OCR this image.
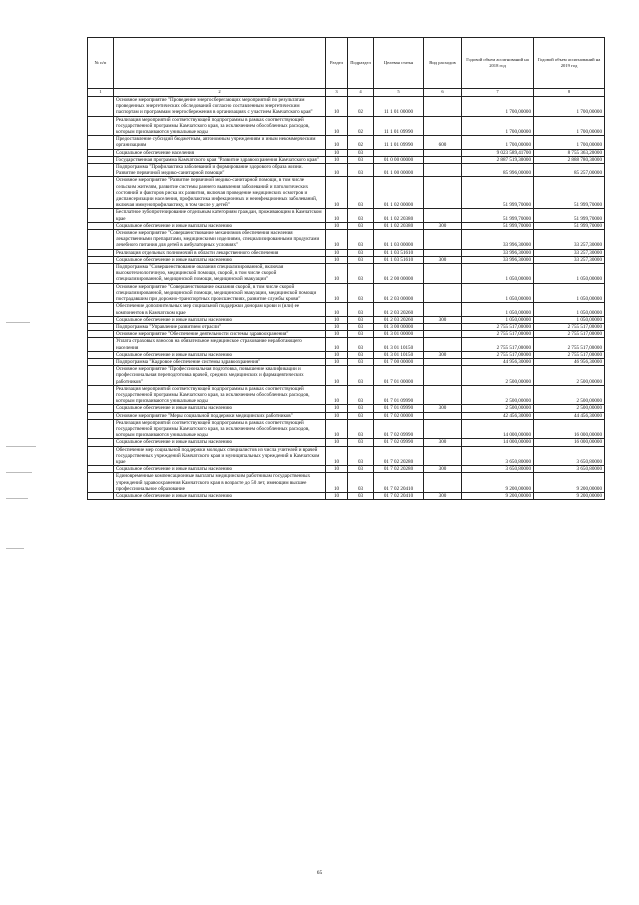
№ п/п		Раздел	Подраздел	Целевая статья	Вид расходов	Годовой объем ассигнований на 2018 год	Годовой объем ассигнований на 2019 год
1	2	3	4	5	6	7	8
	Основное мероприятие "Проведение энергосберегающих мероприятий по результатам проведенных энергетических обследований согласно составленным энергетическим паспортам и программам энергосбережения в организациях с участием Камчатского края"	10	02	11 1 01 00000		1 700,00000	1 700,00000
	Реализация мероприятий соответствующей подпрограммы в рамках соответствующей государственной программы Камчатского края, за исключением обособленных расходов, которым присваиваются уникальные коды	10	02	11 1 01 09990		1 700,00000	1 700,00000
	Предоставление субсидий бюджетным, автономным учреждениям и иным некоммерческим организациям	10	02	11 1 01 09990	600	1 700,00000	1 700,00000
	Социальное обеспечение населения	10	03			9 023 589,41700	8 755 363,20000
	Государственная программа Камчатского края "Развитие здравоохранения Камчатского края"	10	03	01 0 00 00000		2 887 519,30000	2 888 780,30000
	Подпрограмма "Профилактика заболеваний и формирование здорового образа жизни. Развитие первичной медико-санитарной помощи"	10	03	01 1 00 00000		85 996,00000	85 257,00000
	Основное мероприятие "Развитие первичной медико-санитарной помощи, в том числе сельским жителям, развитие системы раннего выявления заболеваний и патологических состояний и факторов риска их развития, включая проведение медицинских осмотров и диспансеризации населения, профилактика инфекционных и неинфекционных заболеваний, включая иммунопрофилактику, в том числе у детей"	10	03	01 1 02 00000		51 999,70000	51 999,70000
	Бесплатное зубопротезирование отдельным категориям граждан, проживающим в Камчатском крае	10	03	01 1 02 20380		51 999,70000	51 999,70000
	Социальное обеспечение и иные выплаты населению	10	03	01 1 02 20380	300	51 999,70000	51 999,70000
	Основное мероприятие "Совершенствование механизмов обеспечения населения лекарственными препаратами, медицинскими изделиями, специализированными продуктами лечебного питания для детей в амбулаторных условиях"	10	03	01 1 03 00000		33 996,30000	33 257,30000
	Реализация отдельных полномочий в области лекарственного обеспечения	10	03	01 1 03 51610		33 996,30000	33 257,30000
	Социальное обеспечение и иные выплаты населению	10	03	01 1 03 51610	300	33 996,30000	33 257,30000
	Подпрограмма "Совершенствование оказания специализированной, включая высокотехнологичную, медицинской помощи, скорой, в том числе скорой специализированной, медицинской помощи, медицинской эвакуации"	10	03	01 2 00 00000		1 050,00000	1 050,00000
	Основное мероприятие "Совершенствование оказания скорой, в том числе скорой специализированной, медицинской помощи, медицинской эвакуации, медицинской помощи пострадавшим при дорожно-транспортных происшествиях, развитие службы крови"	10	03	01 2 03 00000		1 050,00000	1 050,00000
	Обеспечение дополнительных мер социальной поддержки донорам крови и (или) ее компонентов в Камчатском крае	10	03	01 2 03 20260		1 050,00000	1 050,00000
	Социальное обеспечение и иные выплаты населению	10	03	01 2 03 20260	300	1 050,00000	1 050,00000
	Подпрограмма "Управление развитием отрасли"	10	03	01 3 00 00000		2 755 517,00000	2 755 517,00000
	Основное мероприятие "Обеспечение деятельности системы здравоохранения"	10	03	01 3 01 00000		2 755 517,00000	2 755 517,00000
	Уплата страховых взносов на обязательное медицинское страхование неработающего населения	10	03	01 3 01 10150		2 755 517,00000	2 755 517,00000
	Социальное обеспечение и иные выплаты населению	10	03	01 3 01 10150	300	2 755 517,00000	2 755 517,00000
	Подпрограмма "Кадровое обеспечение системы здравоохранения"	10	03	01 7 00 00000		44 956,30000	46 956,30000
	Основное мероприятие "Профессиональная подготовка, повышение квалификации и профессиональная переподготовка врачей, средних медицинских и фармацевтических работников"	10	03	01 7 01 00000		2 500,00000	2 500,00000
	Реализация мероприятий соответствующей подпрограммы в рамках соответствующей государственной программы Камчатского края, за исключением обособленных расходов, которым присваиваются уникальные коды	10	03	01 7 01 09990		2 500,00000	2 500,00000
	Социальное обеспечение и иные выплаты населению	10	03	01 7 01 09990	300	2 500,00000	2 500,00000
	Основное мероприятие "Меры социальной поддержки медицинских работников"	10	03	01 7 02 00000		42 456,30000	44 456,30000
	Реализация мероприятий соответствующей подпрограммы в рамках соответствующей государственной программы Камчатского края, за исключением обособленных расходов, которым присваиваются уникальные коды	10	03	01 7 02 09990		14 000,00000	16 000,00000
	Социальное обеспечение и иные выплаты населению	10	03	01 7 02 09990	300	14 000,00000	16 000,00000
	Обеспечение мер социальной поддержки молодых специалистов из числа учителей и врачей государственных учреждений Камчатского края и муниципальных учреждений в Камчатском крае	10	03	01 7 02 20280		3 650,80000	3 650,80000
	Социальное обеспечение и иные выплаты населению	10	03	01 7 02 20280	300	3 650,80000	3 650,80000
	Единовременные компенсационные выплаты медицинским работникам государственных учреждений здравоохранения Камчатского края в возрасте до 50 лет, имеющим высшее профессиональное образование	10	03	01 7 02 20410		9 200,00000	9 200,00000
	Социальное обеспечение и иные выплаты населению	10	03	01 7 02 20410	300	9 200,00000	9 200,00000
65
